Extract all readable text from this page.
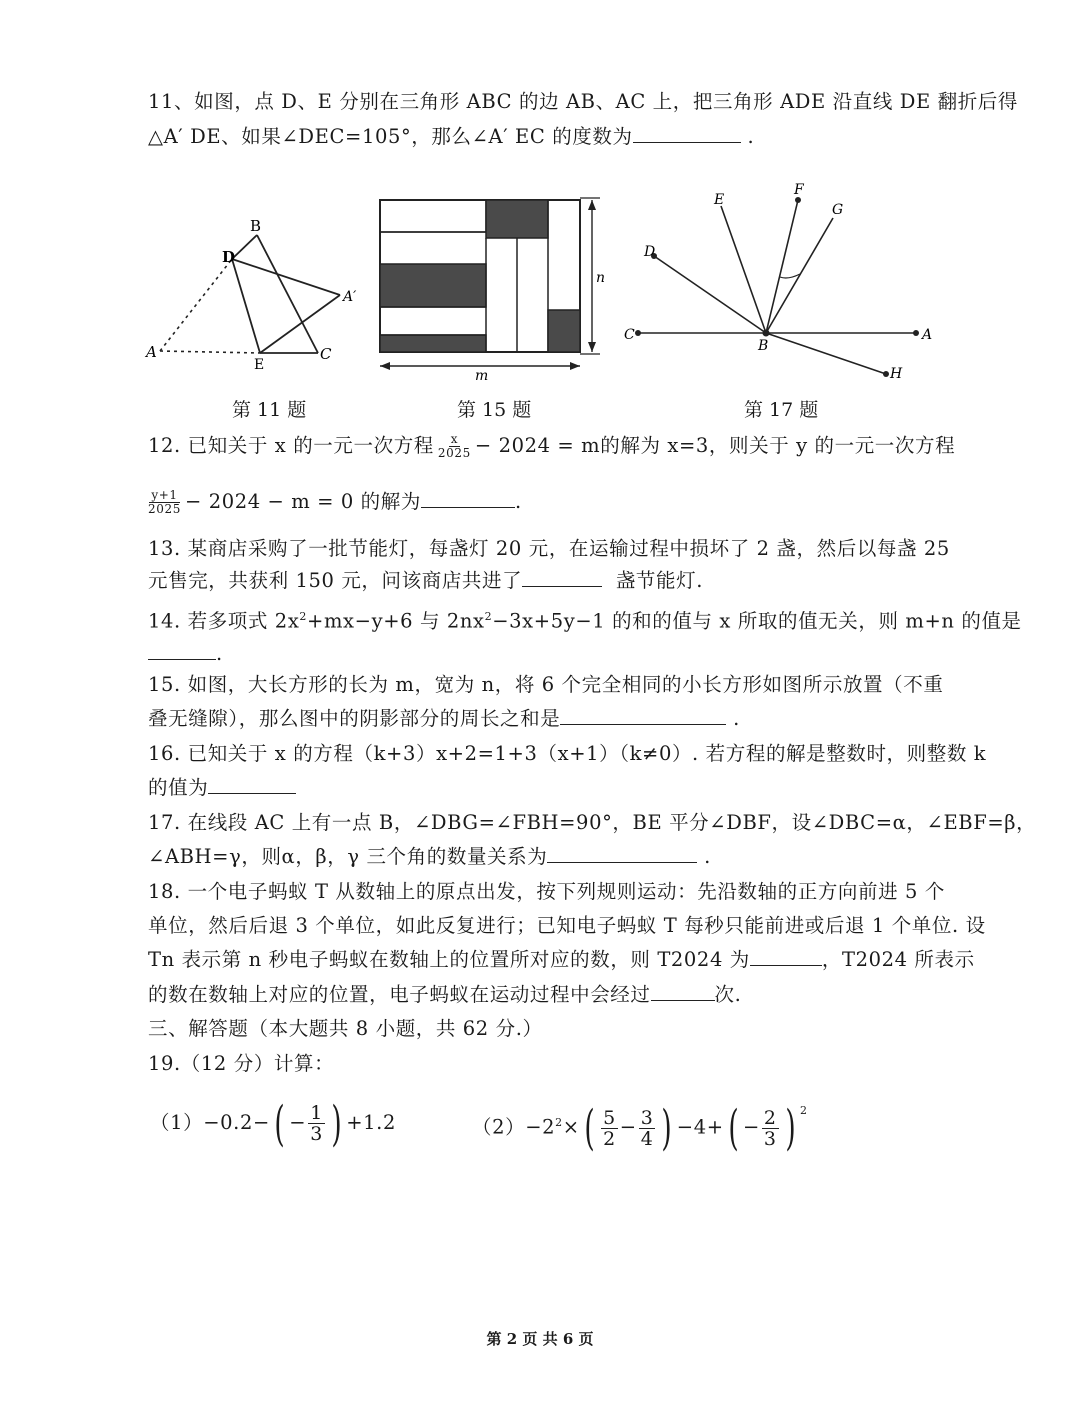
11、如图，点 D、E 分别在三角形 ABC 的边 AB、AC 上，把三角形 ADE 沿直线 DE 翻折后得
△A′ DE、如果∠DEC=105°，那么∠A′ EC 的度数为	.
B
D
A′
A
E
C
第 11 题
n
m
第 15 题
F
E
G
D
C
B
A
H
第 17 题
12. 已知关于 x 的一元一次方程 $\frac{x}{2025} - 2024 = m$的解为 x=3，则关于 y 的一元一次方程
$\frac{y+1}{2025} - 2024 - m = 0$ 的解为	.
13. 某商店采购了一批节能灯，每盏灯 20 元，在运输过程中损坏了 2 盏，然后以每盏 25
元售完，共获利 150 元，问该商店共进了	盏节能灯.
14. 若多项式 $2x^2+mx-y+6$ 与 $2nx^2-3x+5y-1$ 的和的值与 x 所取的值无关，则 m+n 的值是
.
15. 如图，大长方形的长为 m，宽为 n，将 6 个完全相同的小长方形如图所示放置（不重
叠无缝隙），那么图中的阴影部分的周长之和是	.
16. 已知关于 x 的方程（k+3）x+2=1+3（x+1）（k≠0）. 若方程的解是整数时，则整数 k
的值为
17. 在线段 AC 上有一点 B，∠DBG=∠FBH=90°，BE 平分∠DBF，设∠DBC=α，∠EBF=β，
∠ABH=γ，则α，β，γ 三个角的数量关系为	.
18. 一个电子蚂蚁 T 从数轴上的原点出发，按下列规则运动：先沿数轴的正方向前进 5 个
单位，然后后退 3 个单位，如此反复进行；已知电子蚂蚁 T 每秒只能前进或后退 1 个单位. 设
Tn 表示第 n 秒电子蚂蚁在数轴上的位置所对应的数，则 T2024 为	，T2024 所表示
的数在数轴上对应的位置，电子蚂蚁在运动过程中会经过	次.
三、解答题（本大题共 8 小题，共 62 分.）
19.（12 分）计算：
$(1)-0.2-( - \frac{1}{3}$ ) +1.2	$(2)-2^2\times( \frac{5}{2} - \frac{3}{4}$ ) $-4+( - \frac{2}{3}$ ) $^2$
第 2 页 共 6 页
